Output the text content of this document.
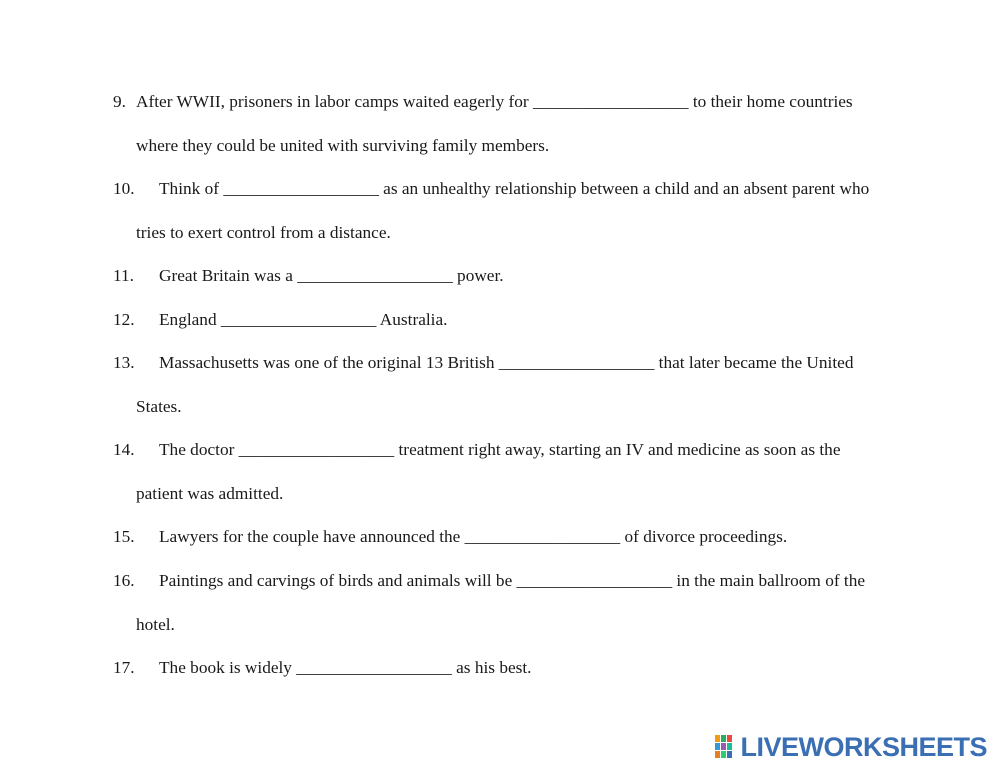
9. After WWII, prisoners in labor camps waited eagerly for __________________ to their home countries
where they could be united with surviving family members.
10. Think of __________________ as an unhealthy relationship between a child and an absent parent who
tries to exert control from a distance.
11. Great Britain was a __________________ power.
12. England __________________ Australia.
13. Massachusetts was one of the original 13 British __________________ that later became the United
States.
14. The doctor __________________ treatment right away, starting an IV and medicine as soon as the
patient was admitted.
15. Lawyers for the couple have announced the __________________ of divorce proceedings.
16. Paintings and carvings of birds and animals will be __________________ in the main ballroom of the
hotel.
17. The book is widely __________________ as his best.
LIVEWORKSHEETS
